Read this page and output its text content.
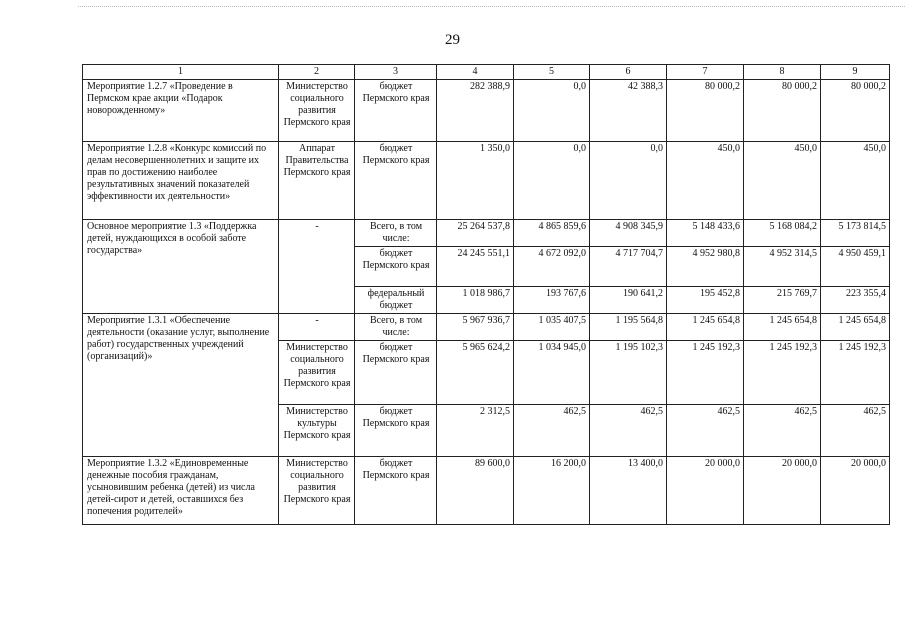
29
1	2	3	4	5	6	7	8	9
Мероприятие 1.2.7 «Проведение в Пермском крае акции «Подарок новорожденному»	Министерство социального развития Пермского края	бюджет Пермского края	282 388,9	0,0	42 388,3	80 000,2	80 000,2	80 000,2
Мероприятие 1.2.8 «Конкурс комиссий по делам несовершеннолетних и защите их прав по достижению наиболее результативных значений показателей эффективности их деятельности»	Аппарат Правительства Пермского края	бюджет Пермского края	1 350,0	0,0	0,0	450,0	450,0	450,0
Основное мероприятие 1.3 «Поддержка детей, нуждающихся в особой заботе государства»	-	Всего, в том числе:	25 264 537,8	4 865 859,6	4 908 345,9	5 148 433,6	5 168 084,2	5 173 814,5
		бюджет Пермского края	24 245 551,1	4 672 092,0	4 717 704,7	4 952 980,8	4 952 314,5	4 950 459,1
		федеральный бюджет	1 018 986,7	193 767,6	190 641,2	195 452,8	215 769,7	223 355,4
Мероприятие 1.3.1 «Обеспечение деятельности (оказание услуг, выполнение работ) государственных учреждений (организаций)»	-	Всего, в том числе:	5 967 936,7	1 035 407,5	1 195 564,8	1 245 654,8	1 245 654,8	1 245 654,8
	Министерство социального развития Пермского края	бюджет Пермского края	5 965 624,2	1 034 945,0	1 195 102,3	1 245 192,3	1 245 192,3	1 245 192,3
	Министерство культуры Пермского края	бюджет Пермского края	2 312,5	462,5	462,5	462,5	462,5	462,5
Мероприятие 1.3.2 «Единовременные денежные пособия гражданам, усыновившим ребенка (детей) из числа детей-сирот и детей, оставшихся без попечения родителей»	Министерство социального развития Пермского края	бюджет Пермского края	89 600,0	16 200,0	13 400,0	20 000,0	20 000,0	20 000,0
